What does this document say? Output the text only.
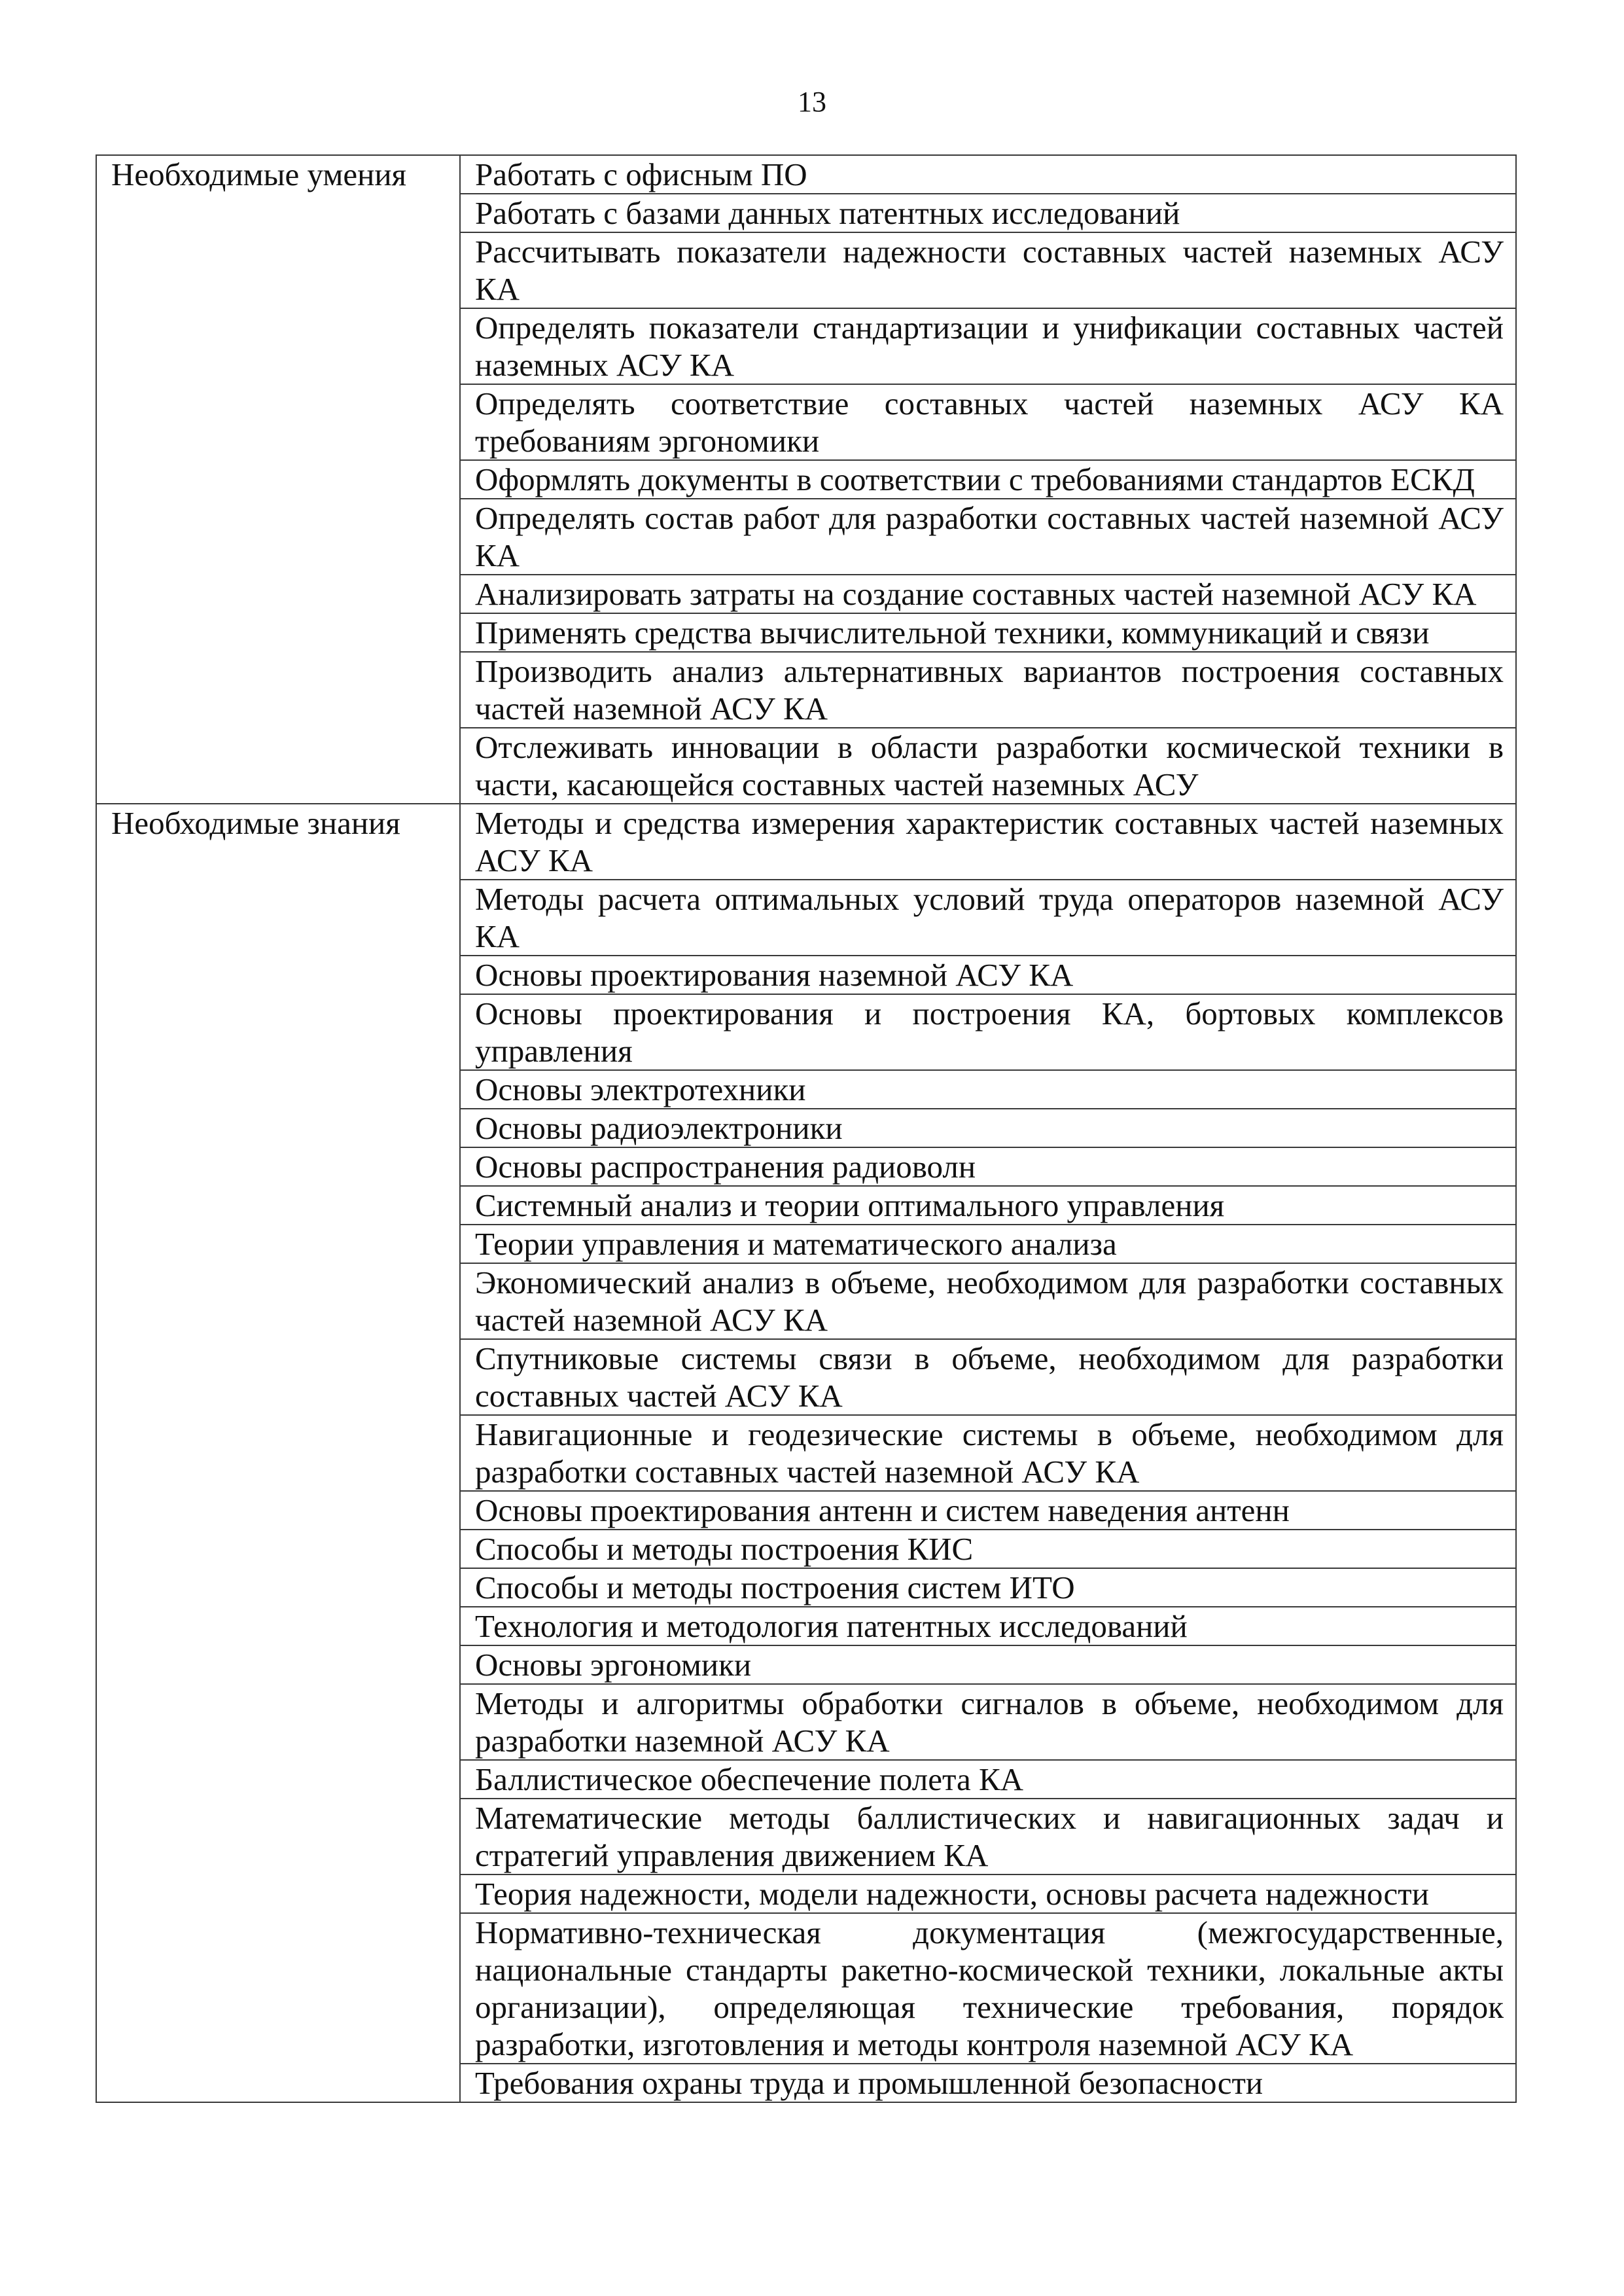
13
Необходимые умения	Работать с офисным ПО
	Работать с базами данных патентных исследований
	Рассчитывать показатели надежности составных частей наземных АСУ КА
	Определять показатели стандартизации и унификации составных частей наземных АСУ КА
	Определять соответствие составных частей наземных АСУ КА требованиям эргономики
	Оформлять документы в соответствии с требованиями стандартов ЕСКД
	Определять состав работ для разработки составных частей наземной АСУ КА
	Анализировать затраты на создание составных частей наземной АСУ КА
	Применять средства вычислительной техники, коммуникаций и связи
	Производить анализ альтернативных вариантов построения составных частей наземной АСУ КА
	Отслеживать инновации в области разработки космической техники в части, касающейся составных частей наземных АСУ
Необходимые знания	Методы и средства измерения характеристик составных частей наземных АСУ КА
	Методы расчета оптимальных условий труда операторов наземной АСУ КА
	Основы проектирования наземной АСУ КА
	Основы проектирования и построения КА, бортовых комплексов управления
	Основы электротехники
	Основы радиоэлектроники
	Основы распространения радиоволн
	Системный анализ и теории оптимального управления
	Теории управления и математического анализа
	Экономический анализ в объеме, необходимом для разработки составных частей наземной АСУ КА
	Спутниковые системы связи в объеме, необходимом для разработки составных частей АСУ КА
	Навигационные и геодезические системы в объеме, необходимом для разработки составных частей наземной АСУ КА
	Основы проектирования антенн и систем наведения антенн
	Способы и методы построения КИС
	Способы и методы построения систем ИТО
	Технология и методология патентных исследований
	Основы эргономики
	Методы и алгоритмы обработки сигналов в объеме, необходимом для разработки наземной АСУ КА
	Баллистическое обеспечение полета КА
	Математические методы баллистических и навигационных задач и стратегий управления движением КА
	Теория надежности, модели надежности, основы расчета надежности
	Нормативно-техническая документация (межгосударственные, национальные стандарты ракетно-космической техники, локальные акты организации), определяющая технические требования, порядок разработки, изготовления и методы контроля наземной АСУ КА
	Требования охраны труда и промышленной безопасности
